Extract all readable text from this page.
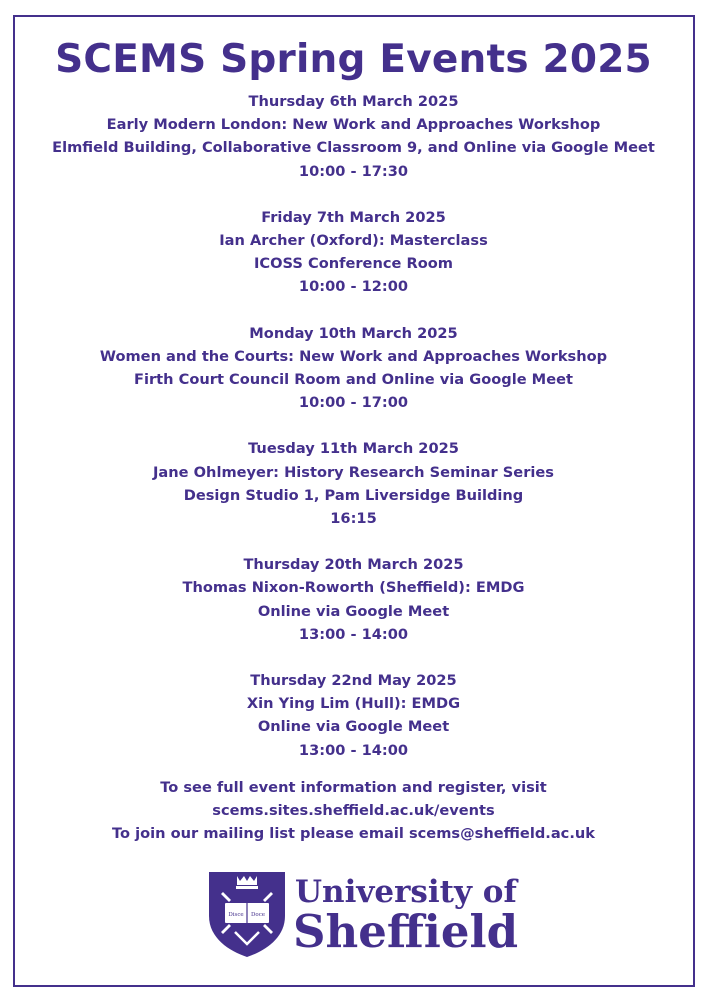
SCEMS Spring Events 2025
Thursday 6th March 2025
Early Modern London: New Work and Approaches Workshop
Elmfield Building, Collaborative Classroom 9, and Online via Google Meet
10:00 - 17:30
Friday 7th March 2025
Ian Archer (Oxford): Masterclass
ICOSS Conference Room
10:00 - 12:00
Monday 10th March 2025
Women and the Courts: New Work and Approaches Workshop
Firth Court Council Room and Online via Google Meet
10:00 - 17:00
Tuesday 11th March 2025
Jane Ohlmeyer: History Research Seminar Series
Design Studio 1, Pam Liversidge Building
16:15
Thursday 20th March 2025
Thomas Nixon-Roworth (Sheffield): EMDG
Online via Google Meet
13:00 - 14:00
Thursday 22nd May 2025
Xin Ying Lim (Hull): EMDG
Online via Google Meet
13:00 - 14:00
To see full event information and register, visit
scems.sites.sheffield.ac.uk/events
To join our mailing list please email scems@sheffield.ac.uk
Disce Doce
University of
Sheffield
